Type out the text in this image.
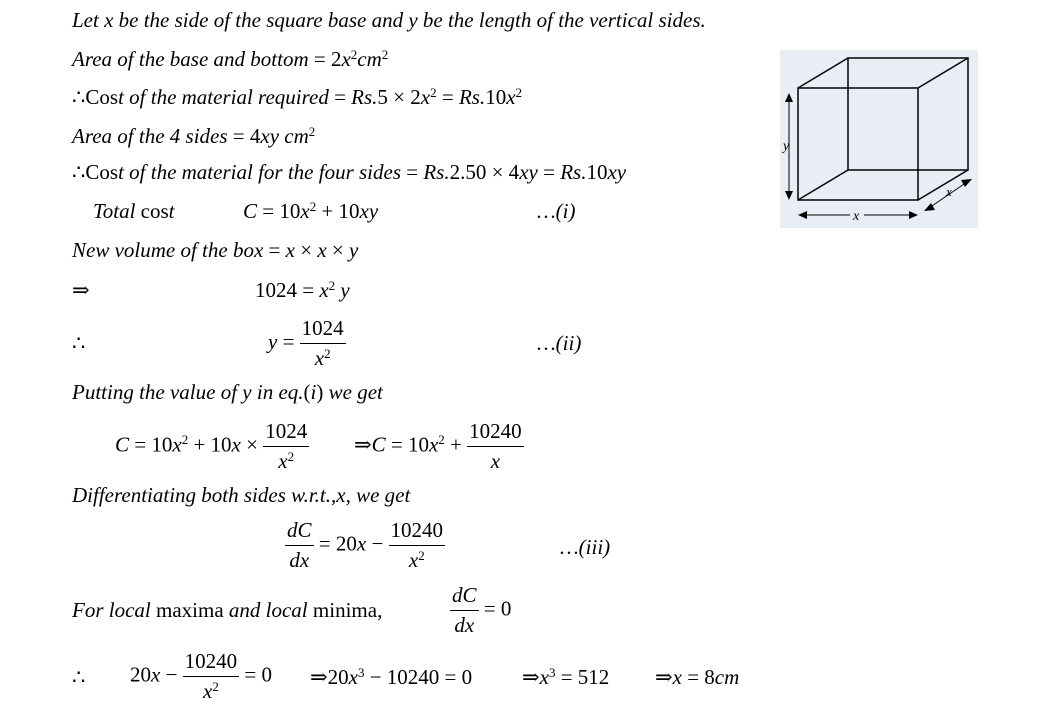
Let x be the side of the square base and y be the length of the vertical sides.
Area of the base and bottom = $2x^2cm^2$
∴Cost of the material required = $Rs.5 \times 2x^2 = Rs.10x^2$
Area of the 4 sides = 4xy $cm^2$
∴Cost of the material for the four sides = Rs.2.50 × 4xy = Rs.10xy
Total cost	$C = 10x^2 + 10xy$	…(i)
New volume of the box = x × x × y
⇒	$1024 = x^2$ y
∴	$y = \frac{1024}{x^2}$	…(ii)
Putting the value of y in eq.(i) we get
$C = 10x^2 + 10x \times \frac{1024}{x^2}$ ⇒C = $10x^2 + \frac{10240}{x}$
Differentiating both sides w.r.t.,x, we get
$\frac{dC}{dx} = 20x - \frac{10240}{x^2}$	…(iii)
For local maxima and local minima,	$\frac{dC}{dx} = 0$
∴ $20x - \frac{10240}{x^2} = 0$ $\Rightarrow 20x^3 - 10240 = 0$ $\Rightarrow x^3 = 512$ ⇒x = 8cm
y
x
x
